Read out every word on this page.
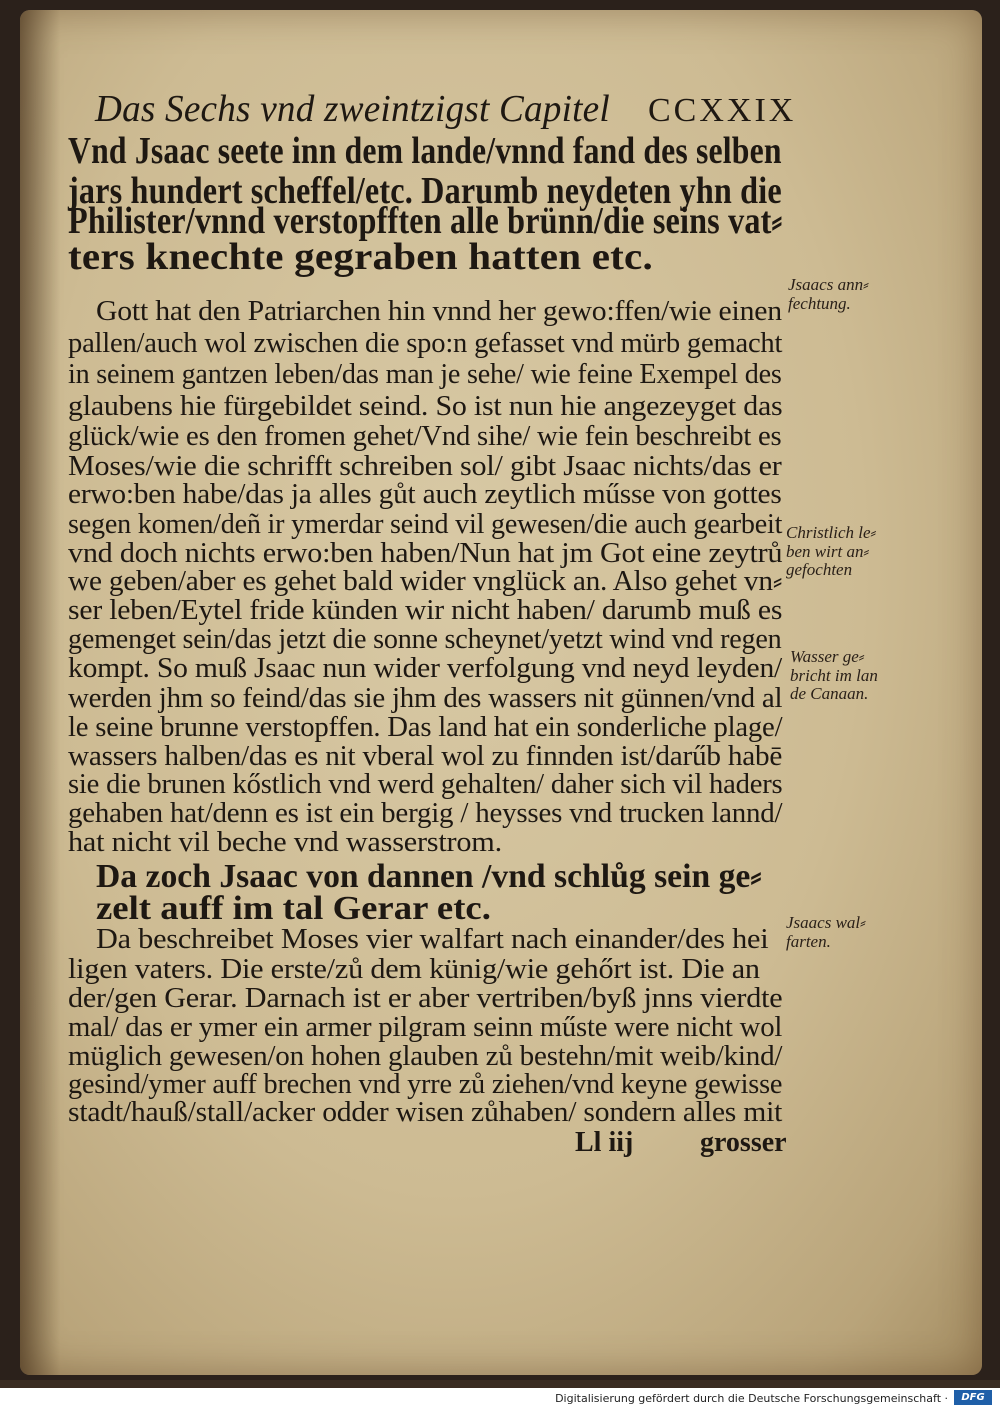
Das Sechs vnd zweintzigst Capitel CCXXIX
Vnd Jsaac seete inn dem lande/vnnd fand des selben
jars hundert scheffel/etc. Darumb neydeten yhn die
Philister/vnnd verstopfften alle brünn/die seins vat⸗
ters knechte gegraben hatten etc.
Gott hat den Patriarchen hin vnnd her gewo:ffen/wie einen
pallen/auch wol zwischen die spo:n gefasset vnd mürb gemacht
in seinem gantzen leben/das man je sehe/ wie feine Exempel des
glaubens hie fürgebildet seind. So ist nun hie angezeyget das
glück/wie es den fromen gehet/Vnd sihe/ wie fein beschreibt es
Moses/wie die schrifft schreiben sol/ gibt Jsaac nichts/das er
erwo:ben habe/das ja alles gůt auch zeytlich műsse von gottes
segen komen/deñ ir ymerdar seind vil gewesen/die auch gearbeit
vnd doch nichts erwo:ben haben/Nun hat jm Got eine zeytrů
we geben/aber es gehet bald wider vnglück an. Also gehet vn⸗
ser leben/Eytel fride künden wir nicht haben/ darumb muß es
gemenget sein/das jetzt die sonne scheynet/yetzt wind vnd regen
kompt. So muß Jsaac nun wider verfolgung vnd neyd leyden/
werden jhm so feind/das sie jhm des wassers nit günnen/vnd al
le seine brunne verstopffen. Das land hat ein sonderliche plage/
wassers halben/das es nit vberal wol zu finnden ist/darűb habē
sie die brunen kőstlich vnd werd gehalten/ daher sich vil haders
gehaben hat/denn es ist ein bergig / heysses vnd trucken lannd/
hat nicht vil beche vnd wasserstrom.
Da zoch Jsaac von dannen /vnd schlůg sein ge⸗
zelt auff im tal Gerar etc.
Da beschreibet Moses vier walfart nach einander/des hei
ligen vaters. Die erste/zů dem künig/wie gehőrt ist. Die an
der/gen Gerar. Darnach ist er aber vertriben/byß jnns vierdte
mal/ das er ymer ein armer pilgram seinn műste were nicht wol
müglich gewesen/on hohen glauben zů bestehn/mit weib/kind/
gesind/ymer auff brechen vnd yrre zů ziehen/vnd keyne gewisse
stadt/hauß/stall/acker odder wisen zůhaben/ sondern alles mit
Ll iij grosser
Jsaacs ann⸗
fechtung.
Christlich le⸗
ben wirt an⸗
gefochten
Wasser ge⸗
bricht im lan
de Canaan.
Jsaacs wal⸗
farten.
Digitalisierung gefördert durch die Deutsche Forschungsgemeinschaft ·	DFG
